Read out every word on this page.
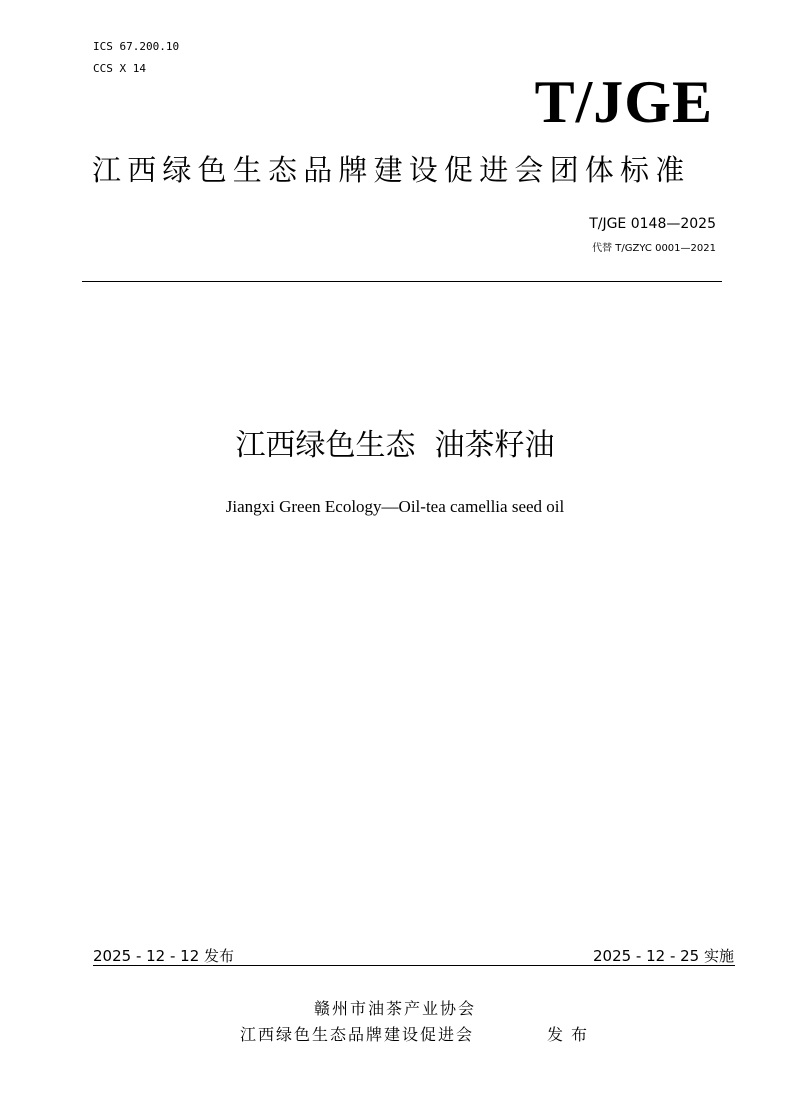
ICS 67.200.10
CCS X 14
T/JGE
江西绿色生态品牌建设促进会团体标准
T/JGE 0148—2025
代替 T/GZYC 0001—2021
江西绿色生态  油茶籽油
Jiangxi Green Ecology—Oil-tea camellia seed oil
2025 - 12 - 12 发布	2025 - 12 - 25 实施
赣州市油茶产业协会
江西绿色生态品牌建设促进会	发布
